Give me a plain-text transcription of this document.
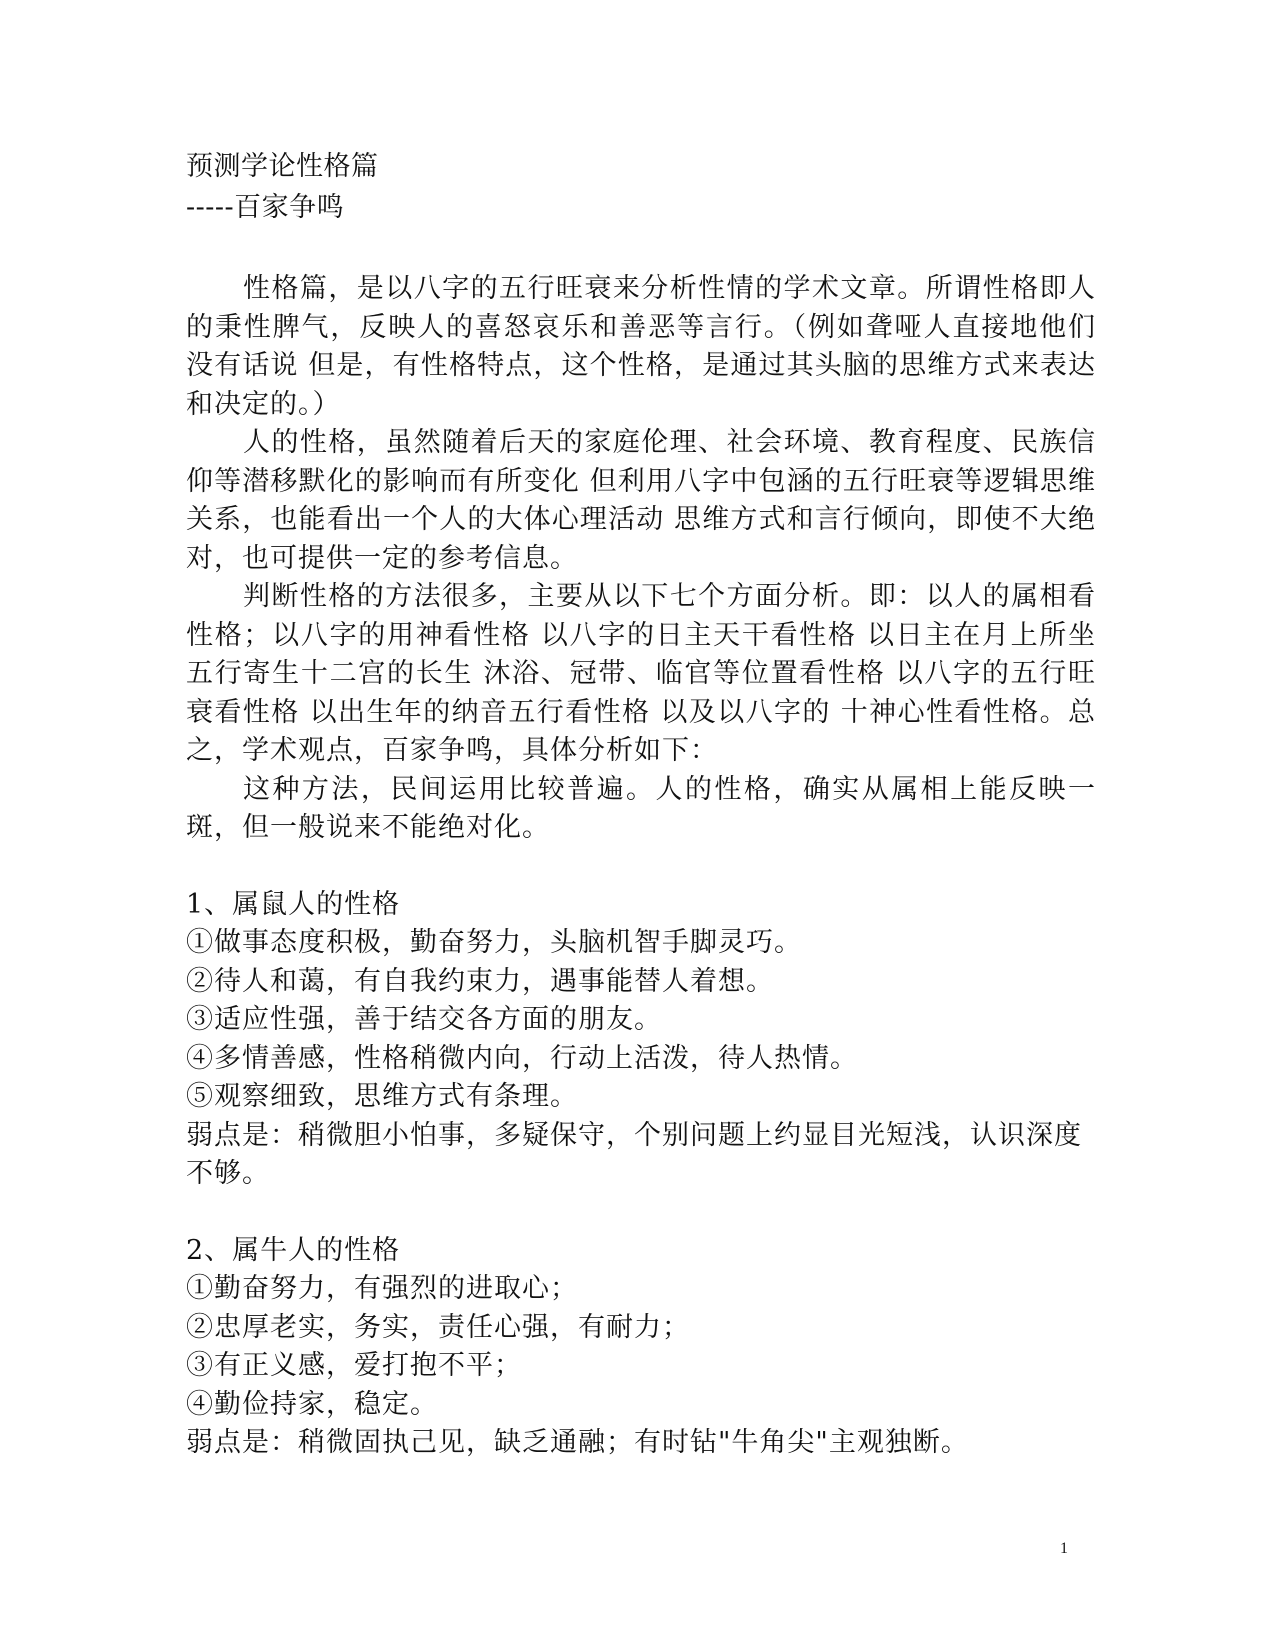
预测学论性格篇
-----百家争鸣

性格篇，是以八字的五行旺衰来分析性情的学术文章。所谓性格即人的秉性脾气，反映人的喜怒哀乐和善恶等言行。（例如聋哑人直接地他们没有话说 但是，有性格特点，这个性格，是通过其头脑的思维方式来表达和决定的。）

人的性格，虽然随着后天的家庭伦理、社会环境、教育程度、民族信仰等潜移默化的影响而有所变化 但利用八字中包涵的五行旺衰等逻辑思维关系，也能看出一个人的大体心理活动 思维方式和言行倾向，即使不大绝对，也可提供一定的参考信息。

判断性格的方法很多，主要从以下七个方面分析。即：以人的属相看性格；以八字的用神看性格 以八字的日主天干看性格 以日主在月上所坐五行寄生十二宫的长生 沐浴、冠带、临官等位置看性格 以八字的五行旺衰看性格 以出生年的纳音五行看性格 以及以八字的 十神心性看性格。总之，学术观点，百家争鸣，具体分析如下：

这种方法，民间运用比较普遍。人的性格，确实从属相上能反映一斑，但一般说来不能绝对化。

1、属鼠人的性格

①做事态度积极，勤奋努力，头脑机智手脚灵巧。

②待人和蔼，有自我约束力，遇事能替人着想。

③适应性强，善于结交各方面的朋友。

④多情善感，性格稍微内向，行动上活泼，待人热情。

⑤观察细致，思维方式有条理。

弱点是：稍微胆小怕事，多疑保守，个别问题上约显目光短浅，认识深度不够。

2、属牛人的性格

①勤奋努力，有强烈的进取心；

②忠厚老实，务实，责任心强，有耐力；

③有正义感，爱打抱不平；

④勤俭持家，稳定。

弱点是：稍微固执己见，缺乏通融；有时钻"牛角尖"主观独断。

1
